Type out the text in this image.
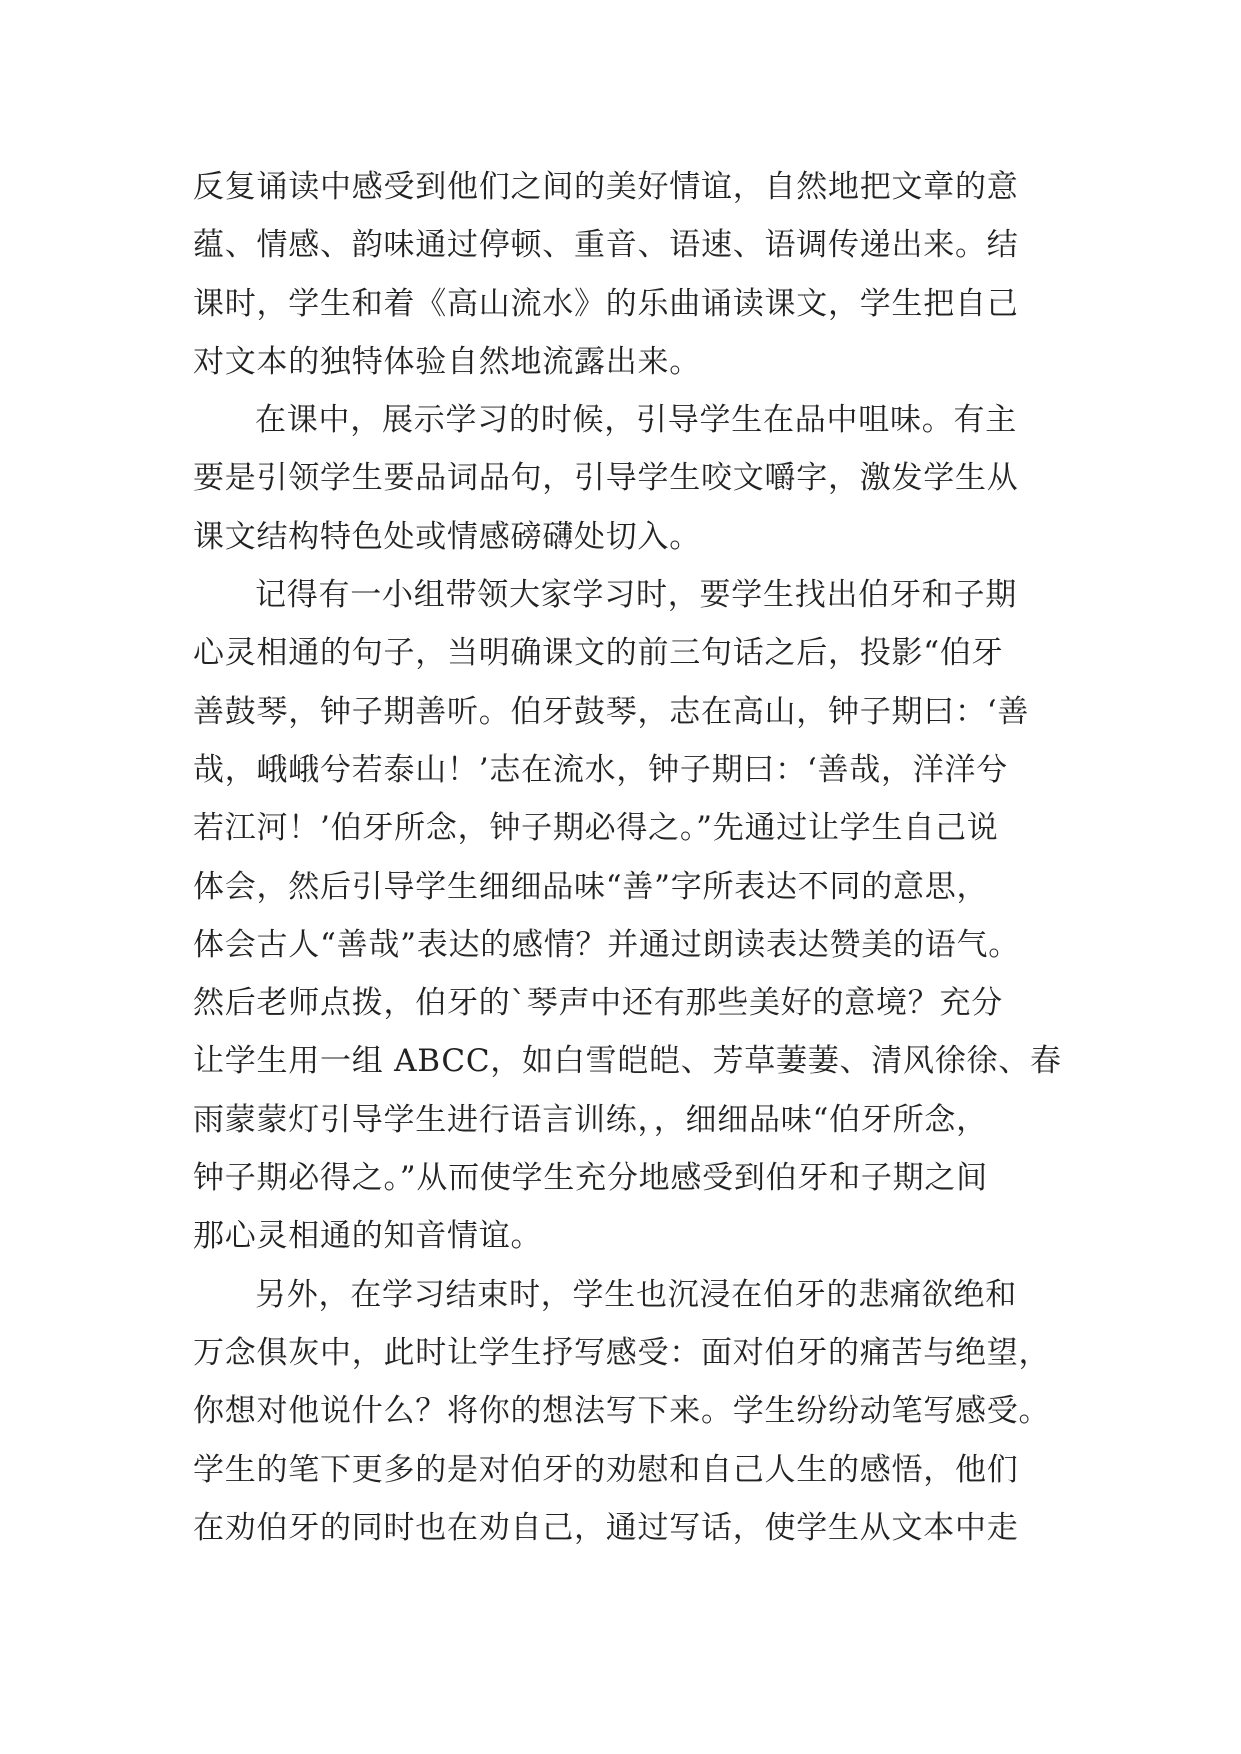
反复诵读中感受到他们之间的美好情谊，自然地把文章的意
蕴、情感、韵味通过停顿、重音、语速、语调传递出来。结
课时，学生和着《高山流水》的乐曲诵读课文，学生把自己
对文本的独特体验自然地流露出来。
在课中，展示学习的时候，引导学生在品中咀味。有主
要是引领学生要品词品句，引导学生咬文嚼字，激发学生从
课文结构特色处或情感磅礴处切入。
记得有一小组带领大家学习时，要学生找出伯牙和子期
心灵相通的句子，当明确课文的前三句话之后，投影“伯牙
善鼓琴，钟子期善听。伯牙鼓琴，志在高山，钟子期曰：‘善
哉，峨峨兮若泰山！’志在流水，钟子期曰：‘善哉，洋洋兮
若江河！’伯牙所念，钟子期必得之。”先通过让学生自己说
体会，然后引导学生细细品味“善”字所表达不同的意思，
体会古人“善哉”表达的感情？并通过朗读表达赞美的语气。
然后老师点拨，伯牙的`琴声中还有那些美好的意境？充分
让学生用一组 ABCC，如白雪皑皑、芳草萋萋、清风徐徐、春
雨蒙蒙灯引导学生进行语言训练，，细细品味“伯牙所念，
钟子期必得之。”从而使学生充分地感受到伯牙和子期之间
那心灵相通的知音情谊。
另外，在学习结束时，学生也沉浸在伯牙的悲痛欲绝和
万念俱灰中，此时让学生抒写感受：面对伯牙的痛苦与绝望，
你想对他说什么？将你的想法写下来。学生纷纷动笔写感受。
学生的笔下更多的是对伯牙的劝慰和自己人生的感悟，他们
在劝伯牙的同时也在劝自己，通过写话，使学生从文本中走
